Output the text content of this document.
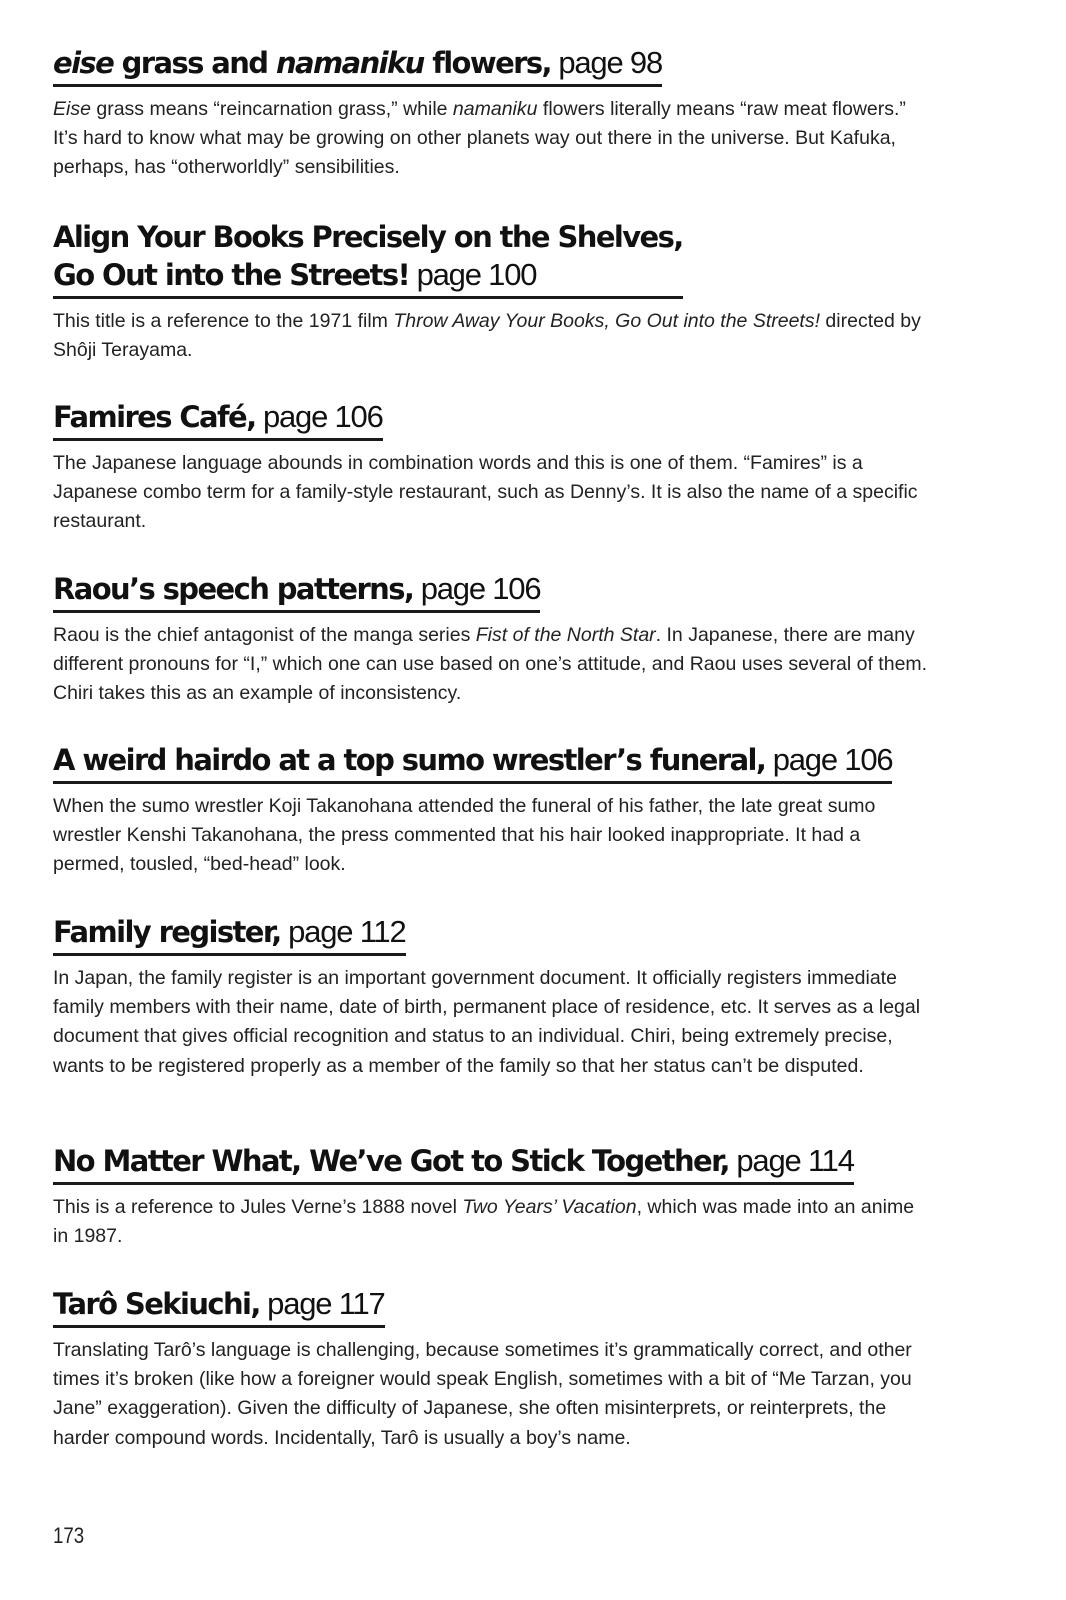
eise grass and namaniku flowers, page 98

Eise grass means “reincarnation grass,” while namaniku flowers literally means “raw meat flowers.” It’s hard to know what may be growing on other planets way out there in the universe. But Kafuka, perhaps, has “otherworldly” sensibilities.

Align Your Books Precisely on the Shelves,
Go Out into the Streets! page 100

This title is a reference to the 1971 film Throw Away Your Books, Go Out into the Streets! directed by Shôji Terayama.

Famires Café, page 106

The Japanese language abounds in combination words and this is one of them. “Famires” is a Japanese combo term for a family-style restaurant, such as Denny’s. It is also the name of a specific restaurant.

Raou’s speech patterns, page 106

Raou is the chief antagonist of the manga series Fist of the North Star. In Japanese, there are many different pronouns for “I,” which one can use based on one’s attitude, and Raou uses several of them. Chiri takes this as an example of inconsistency.

A weird hairdo at a top sumo wrestler’s funeral, page 106

When the sumo wrestler Koji Takanohana attended the funeral of his father, the late great sumo wrestler Kenshi Takanohana, the press commented that his hair looked inappropriate. It had a permed, tousled, “bed-head” look.

Family register, page 112

In Japan, the family register is an important government document. It officially registers immediate family members with their name, date of birth, permanent place of residence, etc. It serves as a legal document that gives official recognition and status to an individual. Chiri, being extremely precise, wants to be registered properly as a member of the family so that her status can’t be disputed.

No Matter What, We’ve Got to Stick Together, page 114

This is a reference to Jules Verne’s 1888 novel Two Years’ Vacation, which was made into an anime in 1987.

Tarô Sekiuchi, page 117

Translating Tarô’s language is challenging, because sometimes it’s grammatically correct, and other times it’s broken (like how a foreigner would speak English, sometimes with a bit of “Me Tarzan, you Jane” exaggeration). Given the difficulty of Japanese, she often misinterprets, or reinterprets, the harder compound words. Incidentally, Tarô is usually a boy’s name.

173
